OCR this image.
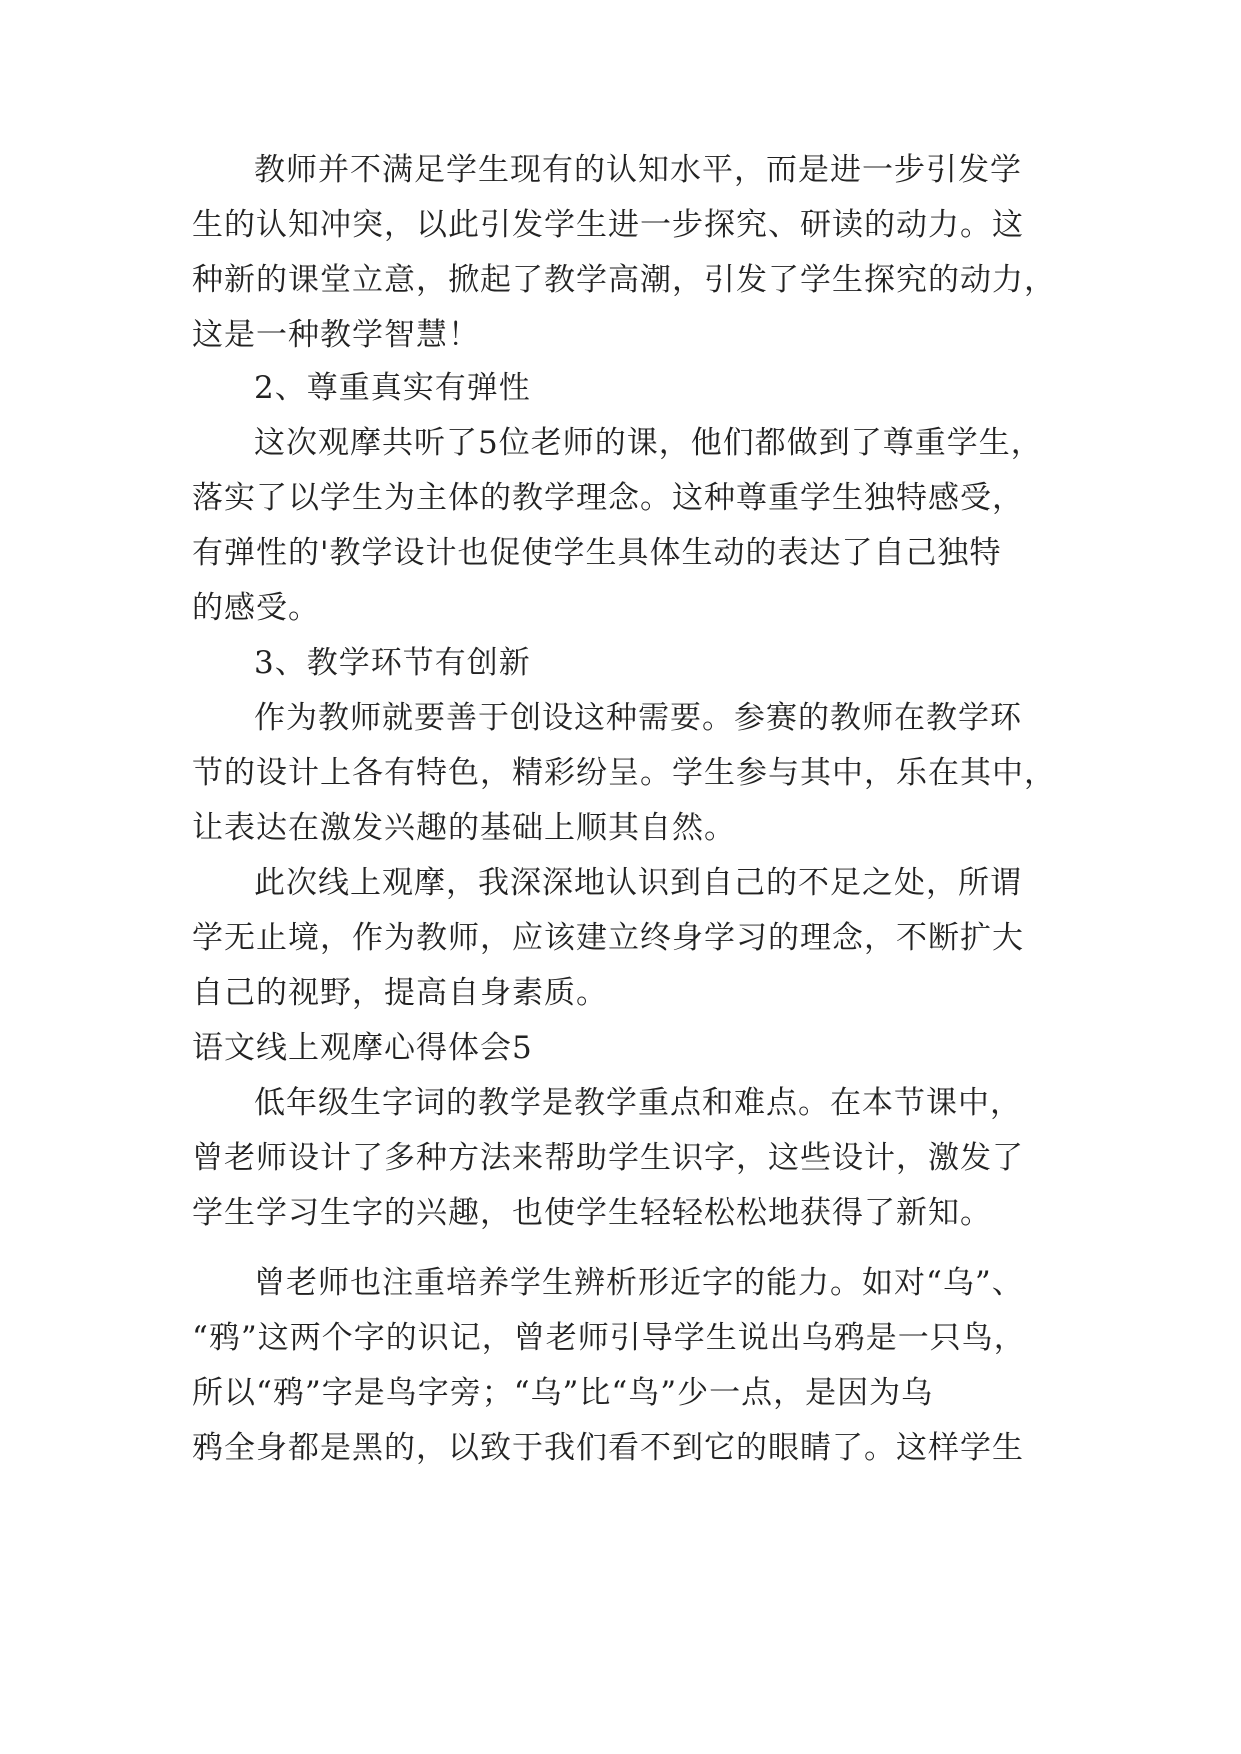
教师并不满足学生现有的认知水平，而是进一步引发学
生的认知冲突，以此引发学生进一步探究、研读的动力。这
种新的课堂立意，掀起了教学高潮，引发了学生探究的动力，
这是一种教学智慧！
2、尊重真实有弹性
这次观摩共听了5位老师的课，他们都做到了尊重学生，
落实了以学生为主体的教学理念。这种尊重学生独特感受，
有弹性的'教学设计也促使学生具体生动的表达了自己独特
的感受。
3、教学环节有创新
作为教师就要善于创设这种需要。参赛的教师在教学环
节的设计上各有特色，精彩纷呈。学生参与其中，乐在其中，
让表达在激发兴趣的基础上顺其自然。
此次线上观摩，我深深地认识到自己的不足之处，所谓
学无止境，作为教师，应该建立终身学习的理念，不断扩大
自己的视野，提高自身素质。
语文线上观摩心得体会5
低年级生字词的教学是教学重点和难点。在本节课中，
曾老师设计了多种方法来帮助学生识字，这些设计，激发了
学生学习生字的兴趣，也使学生轻轻松松地获得了新知。
曾老师也注重培养学生辨析形近字的能力。如对“乌”、
“鸦”这两个字的识记，曾老师引导学生说出乌鸦是一只鸟，
所以“鸦”字是鸟字旁；“乌”比“鸟”少一点，是因为乌
鸦全身都是黑的，以致于我们看不到它的眼睛了。这样学生
